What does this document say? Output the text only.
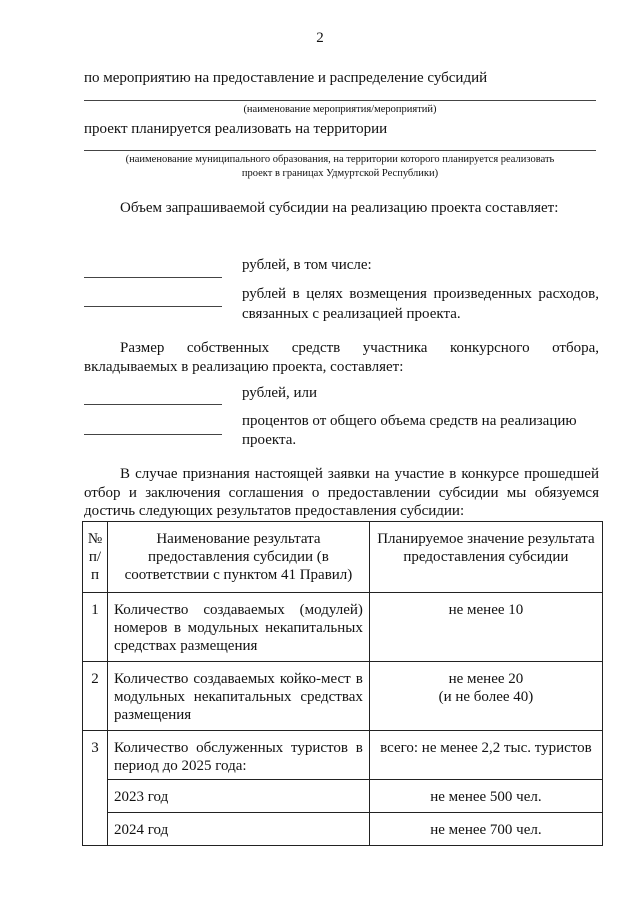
2
по мероприятию на предоставление и распределение субсидий
(наименование мероприятия/мероприятий)
проект планируется реализовать на территории
(наименование муниципального образования, на территории которого планируется реализовать
проект в границах Удмуртской Республики)
Объем запрашиваемой субсидии на реализацию проекта составляет:
рублей, в том числе:
рублей в целях возмещения произведенных расходов,
связанных с реализацией проекта.
Размер собственных средств участника конкурсного отбора,
вкладываемых в реализацию проекта, составляет:
рублей, или
процентов от общего объема средств на реализацию
проекта.
В случае признания настоящей заявки на участие в конкурсе прошедшей
отбор и заключения соглашения о предоставлении субсидии мы обязуемся
достичь следующих результатов предоставления субсидии:
№ п/п	Наименование результата предоставления субсидии (в соответствии с пунктом 41 Правил)	Планируемое значение результата предоставления субсидии
1	Количество создаваемых (модулей) номеров в модульных некапитальных средствах размещения	не менее 10
2	Количество создаваемых койко-мест в модульных некапитальных средствах размещения	не менее 20
(и не более 40)

3	Количество обслуженных туристов в период до 2025 года:	всего: не менее 2,2 тыс. туристов
	2023 год	не менее 500 чел.
	2024 год	не менее 700 чел.
